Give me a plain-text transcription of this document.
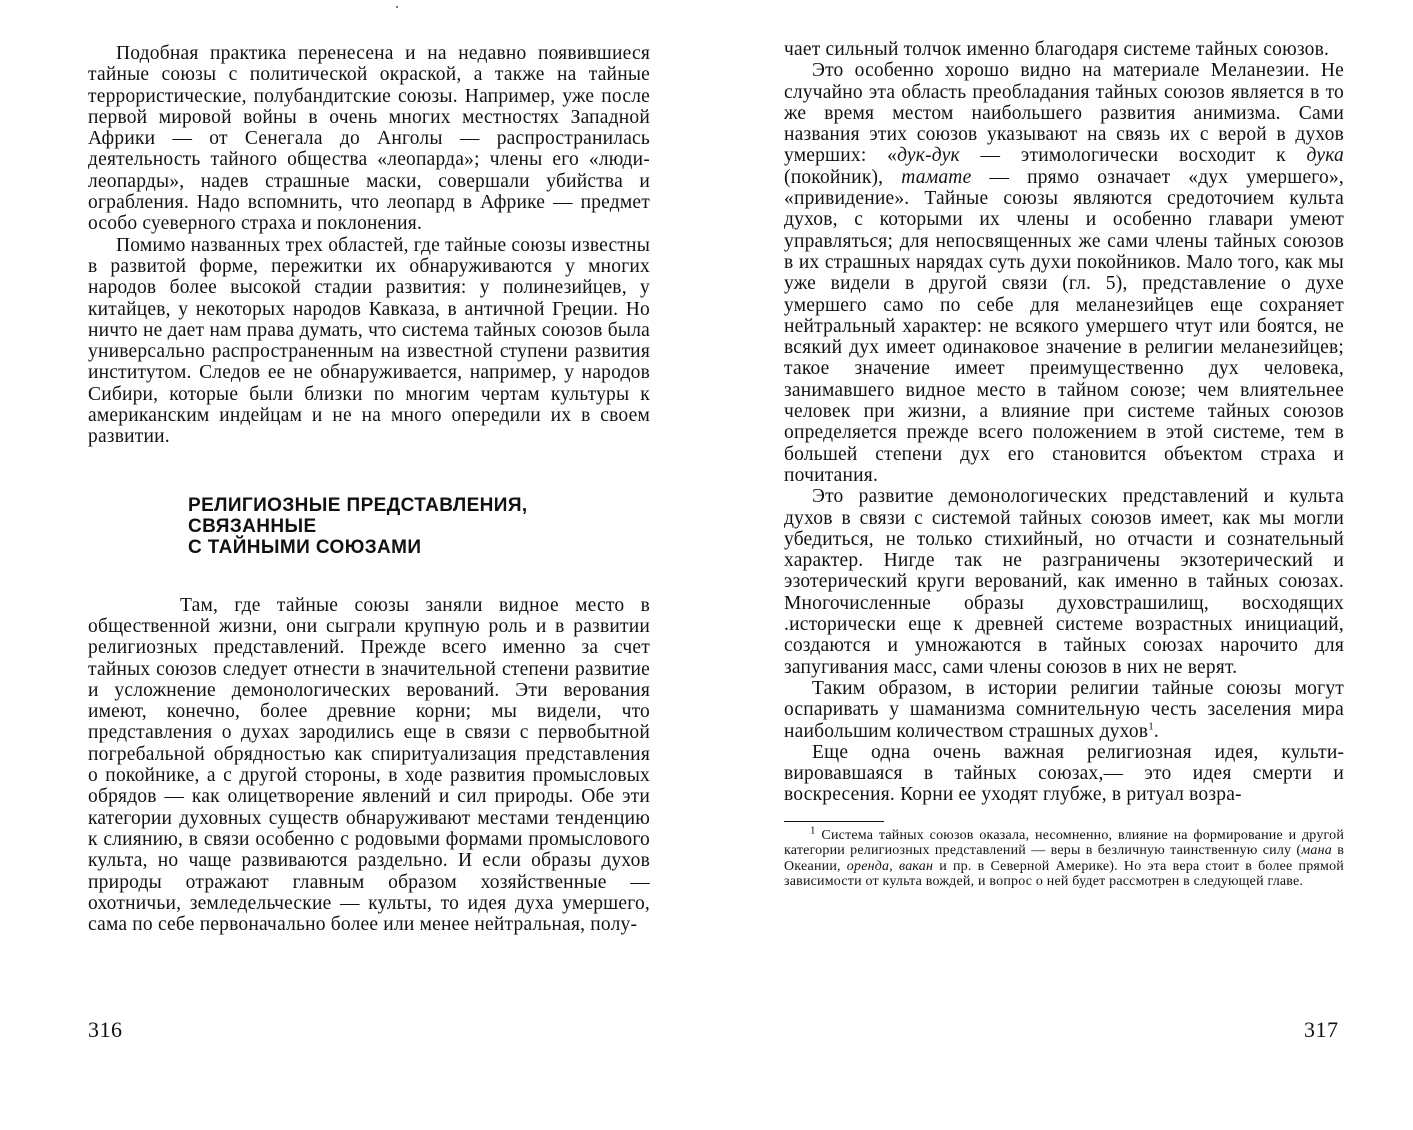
Подобная практика перенесена и на недавно появившиеся тайные союзы с политической окраской, а также на тайные террористические, полубандитские союзы. Например, уже после первой мировой войны в очень многих местностях Западной Африки — от Сенегала до Анголы — распространилась деятельность тайного общества «леопарда»; члены его «люди-леопарды», надев страшные маски, совершали убийства и ограбления. Надо вспомнить, что леопард в Африке — предмет особо суеверного страха и поклонения.

Помимо названных трех областей, где тайные союзы известны в развитой форме, пережитки их обнаруживаются у многих народов более высокой стадии развития: у полинезийцев, у китайцев, у некоторых народов Кавказа, в античной Греции. Но ничто не дает нам права думать, что система тайных союзов была универсально распространенным на известной ступени развития институтом. Следов ее не обнаруживается, например, у народов Сибири, которые были близки по многим чертам культуры к американским индейцам и не на много опередили их в своем развитии.

РЕЛИГИОЗНЫЕ ПРЕДСТАВЛЕНИЯ,
СВЯЗАННЫЕ
С ТАЙНЫМИ СОЮЗАМИ

Там, где тайные союзы заняли видное место в общественной жизни, они сыграли крупную роль и в развитии религиозных представлений. Прежде всего именно за счет тайных союзов следует отнести в значительной степени развитие и усложнение демонологических верований. Эти верования имеют, конечно, более древние корни; мы видели, что представления о духах зародились еще в связи с первобытной погребальной обрядностью как спиритуализация представления о покойнике, а с другой стороны, в ходе развития промысловых обрядов — как олицетворение явлений и сил природы. Обе эти категории духовных существ обнаруживают местами тенденцию к слиянию, в связи особенно с родовыми формами промыслового культа, но чаще развиваются раздельно. И если образы духов природы отражают главным образом хозяйственные — охотничьи, земледельческие — культы, то идея духа умершего, сама по себе первоначально более или менее нейтральная, полу-

316

чает сильный толчок именно благодаря системе тайных союзов.

Это особенно хорошо видно на материале Меланезии. Не случайно эта область преобладания тайных союзов является в то же время местом наибольшего развития анимизма. Сами названия этих союзов указывают на связь их с верой в духов умерших: «дук-дук — этимологически восходит к дука (покойник), тамате — прямо означает «дух умершего», «привидение». Тайные союзы являются средоточием культа духов, с которыми их члены и особенно главари умеют управляться; для непосвященных же сами члены тайных союзов в их страшных нарядах суть духи покойников. Мало того, как мы уже видели в другой связи (гл. 5), представление о духе умершего само по себе для меланезийцев еще сохраняет нейтральный характер: не всякого умершего чтут или боятся, не всякий дух имеет одинаковое значение в религии меланезийцев; такое значение имеет преимущественно дух человека, занимавшего видное место в тайном союзе; чем влиятельнее человек при жизни, а влияние при системе тайных союзов определяется прежде всего положением в этой системе, тем в большей степени дух его становится объектом страха и почитания.

Это развитие демонологических представлений и культа духов в связи с системой тайных союзов имеет, как мы могли убедиться, не только стихийный, но отчасти и сознательный характер. Нигде так не разграничены экзотерический и эзотерический круги верований, как именно в тайных союзах. Многочисленные образы духовстрашилищ, восходящих .исторически еще к древней системе возрастных инициаций, создаются и умножаются в тайных союзах нарочито для запугивания масс, сами члены союзов в них не верят.

Таким образом, в истории религии тайные союзы могут оспаривать у шаманизма сомнительную честь заселения мира наибольшим количеством страшных духов$^1$.

Еще одна очень важная религиозная идея, культивировавшаяся в тайных союзах,— это идея смерти и воскресения. Корни ее уходят глубже, в ритуал возра-

$^1$ Система тайных союзов оказала, несомненно, влияние на формирование и другой категории религиозных представлений — веры в безличную таинственную силу (мана в Океании, оренда, вакан и пр. в Северной Америке). Но эта вера стоит в более прямой зависимости от культа вождей, и вопрос о ней будет рассмотрен в следующей главе.

317
